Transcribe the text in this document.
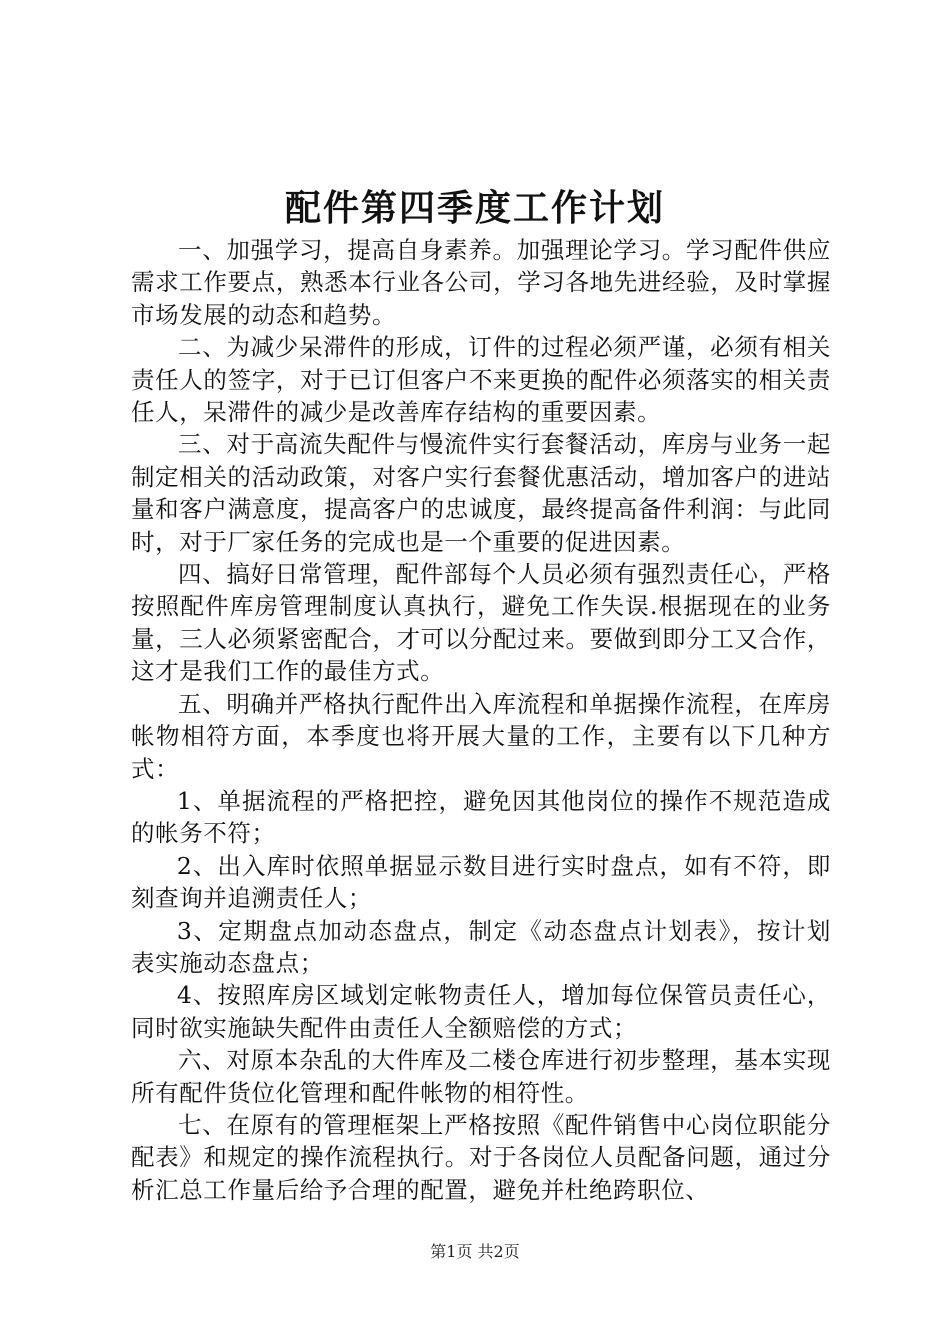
配件第四季度工作计划

一、加强学习，提高自身素养。加强理论学习。学习配件供应需求工作要点，熟悉本行业各公司，学习各地先进经验，及时掌握市场发展的动态和趋势。

二、为减少呆滞件的形成，订件的过程必须严谨，必须有相关责任人的签字，对于已订但客户不来更换的配件必须落实的相关责任人，呆滞件的减少是改善库存结构的重要因素。

三、对于高流失配件与慢流件实行套餐活动，库房与业务一起制定相关的活动政策，对客户实行套餐优惠活动，增加客户的进站量和客户满意度，提高客户的忠诚度，最终提高备件利润：与此同时，对于厂家任务的完成也是一个重要的促进因素。

四、搞好日常管理，配件部每个人员必须有强烈责任心，严格按照配件库房管理制度认真执行，避免工作失误.根据现在的业务量，三人必须紧密配合，才可以分配过来。要做到即分工又合作，这才是我们工作的最佳方式。

五、明确并严格执行配件出入库流程和单据操作流程，在库房帐物相符方面，本季度也将开展大量的工作，主要有以下几种方式：

1、单据流程的严格把控，避免因其他岗位的操作不规范造成的帐务不符；

2、出入库时依照单据显示数目进行实时盘点，如有不符，即刻查询并追溯责任人；

3、定期盘点加动态盘点，制定《动态盘点计划表》，按计划表实施动态盘点；

4、按照库房区域划定帐物责任人，增加每位保管员责任心，同时欲实施缺失配件由责任人全额赔偿的方式；

六、对原本杂乱的大件库及二楼仓库进行初步整理，基本实现所有配件货位化管理和配件帐物的相符性。

七、在原有的管理框架上严格按照《配件销售中心岗位职能分配表》和规定的操作流程执行。对于各岗位人员配备问题，通过分析汇总工作量后给予合理的配置，避免并杜绝跨职位、

第1页 共2页
